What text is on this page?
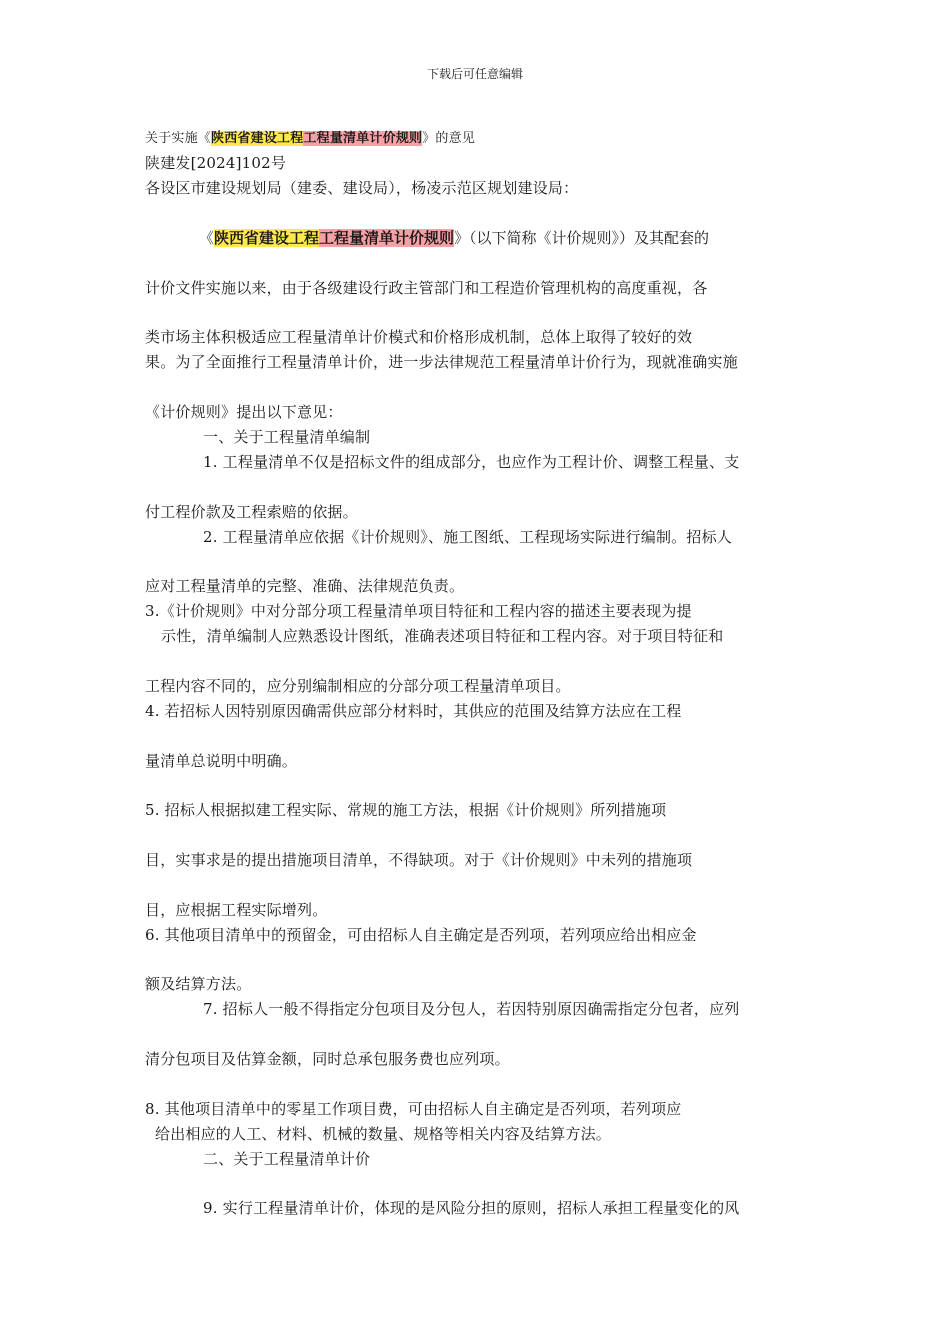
下载后可任意编辑
关于实施《陕西省建设工程工程量清单计价规则》的意见
陕建发[2024]102号
各设区市建设规划局（建委、建设局），杨凌示范区规划建设局：
《陕西省建设工程工程量清单计价规则》（以下简称《计价规则》）及其配套的
计价文件实施以来，由于各级建设行政主管部门和工程造价管理机构的高度重视，各
类市场主体积极适应工程量清单计价模式和价格形成机制，总体上取得了较好的效
果。为了全面推行工程量清单计价，进一步法律规范工程量清单计价行为，现就准确实施
《计价规则》提出以下意见：
一、关于工程量清单编制
1. 工程量清单不仅是招标文件的组成部分，也应作为工程计价、调整工程量、支
付工程价款及工程索赔的依据。
2. 工程量清单应依据《计价规则》、施工图纸、工程现场实际进行编制。招标人
应对工程量清单的完整、准确、法律规范负责。
3.《计价规则》中对分部分项工程量清单项目特征和工程内容的描述主要表现为提
示性，清单编制人应熟悉设计图纸，准确表述项目特征和工程内容。对于项目特征和
工程内容不同的，应分别编制相应的分部分项工程量清单项目。
4. 若招标人因特别原因确需供应部分材料时，其供应的范围及结算方法应在工程
量清单总说明中明确。
5. 招标人根据拟建工程实际、常规的施工方法，根据《计价规则》所列措施项
目，实事求是的提出措施项目清单，不得缺项。对于《计价规则》中未列的措施项
目，应根据工程实际增列。
6. 其他项目清单中的预留金，可由招标人自主确定是否列项，若列项应给出相应金
额及结算方法。
7. 招标人一般不得指定分包项目及分包人，若因特别原因确需指定分包者，应列
清分包项目及估算金额，同时总承包服务费也应列项。
8. 其他项目清单中的零星工作项目费，可由招标人自主确定是否列项，若列项应
给出相应的人工、材料、机械的数量、规格等相关内容及结算方法。
二、关于工程量清单计价
9. 实行工程量清单计价，体现的是风险分担的原则，招标人承担工程量变化的风
